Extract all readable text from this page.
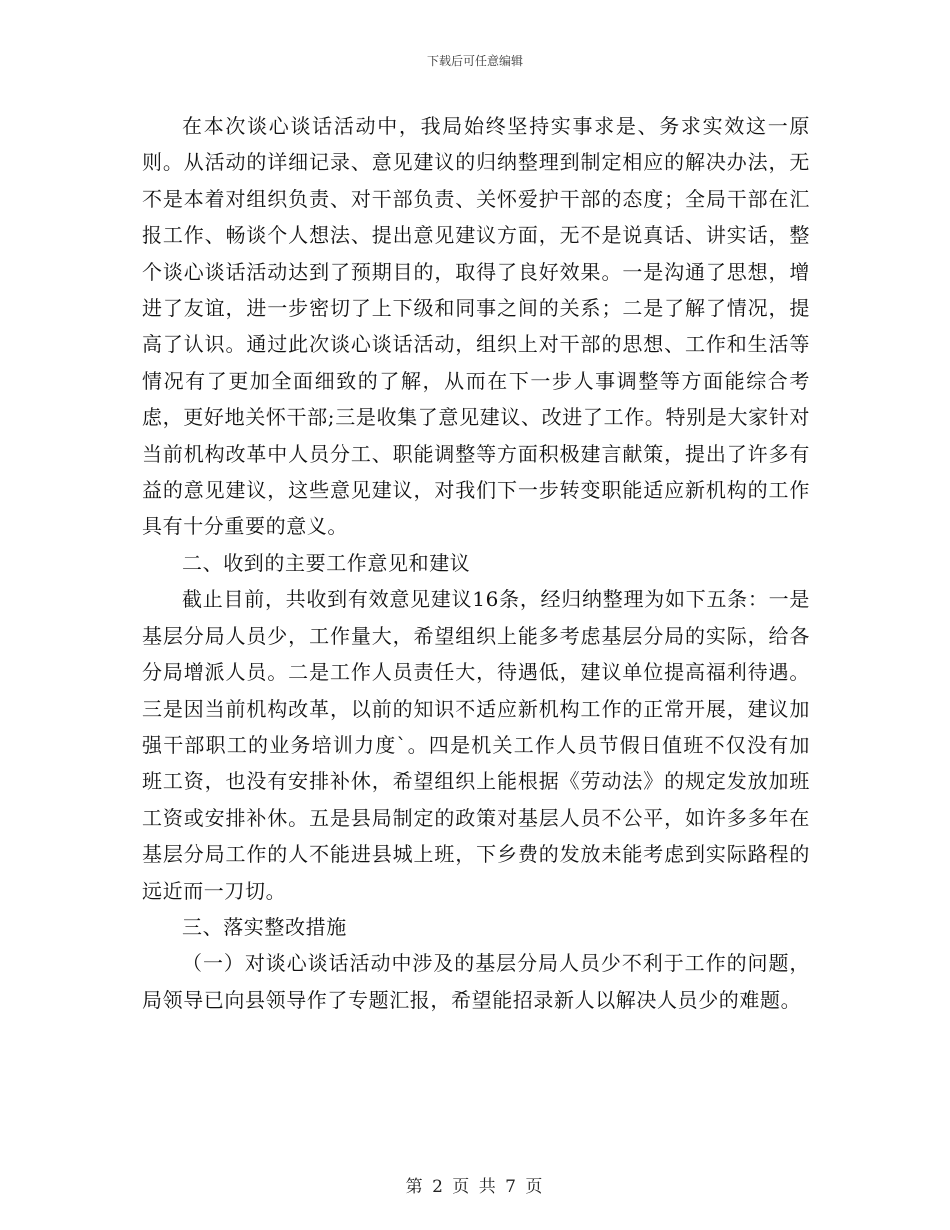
下载后可任意编辑

在本次谈心谈话活动中，我局始终坚持实事求是、务求实效这一原则。从活动的详细记录、意见建议的归纳整理到制定相应的解决办法，无不是本着对组织负责、对干部负责、关怀爱护干部的态度；全局干部在汇报工作、畅谈个人想法、提出意见建议方面，无不是说真话、讲实话，整个谈心谈话活动达到了预期目的，取得了良好效果。一是沟通了思想，增进了友谊，进一步密切了上下级和同事之间的关系；二是了解了情况，提高了认识。通过此次谈心谈话活动，组织上对干部的思想、工作和生活等情况有了更加全面细致的了解，从而在下一步人事调整等方面能综合考虑，更好地关怀干部;三是收集了意见建议、改进了工作。特别是大家针对当前机构改革中人员分工、职能调整等方面积极建言献策，提出了许多有益的意见建议，这些意见建议，对我们下一步转变职能适应新机构的工作具有十分重要的意义。

二、收到的主要工作意见和建议

截止目前，共收到有效意见建议16条，经归纳整理为如下五条：一是基层分局人员少，工作量大，希望组织上能多考虑基层分局的实际，给各分局增派人员。二是工作人员责任大，待遇低，建议单位提高福利待遇。三是因当前机构改革，以前的知识不适应新机构工作的正常开展，建议加强干部职工的业务培训力度`。四是机关工作人员节假日值班不仅没有加班工资，也没有安排补休，希望组织上能根据《劳动法》的规定发放加班工资或安排补休。五是县局制定的政策对基层人员不公平，如许多多年在基层分局工作的人不能进县城上班，下乡费的发放未能考虑到实际路程的远近而一刀切。

三、落实整改措施

（一）对谈心谈话活动中涉及的基层分局人员少不利于工作的问题，局领导已向县领导作了专题汇报，希望能招录新人以解决人员少的难题。

第 2 页 共 7 页
